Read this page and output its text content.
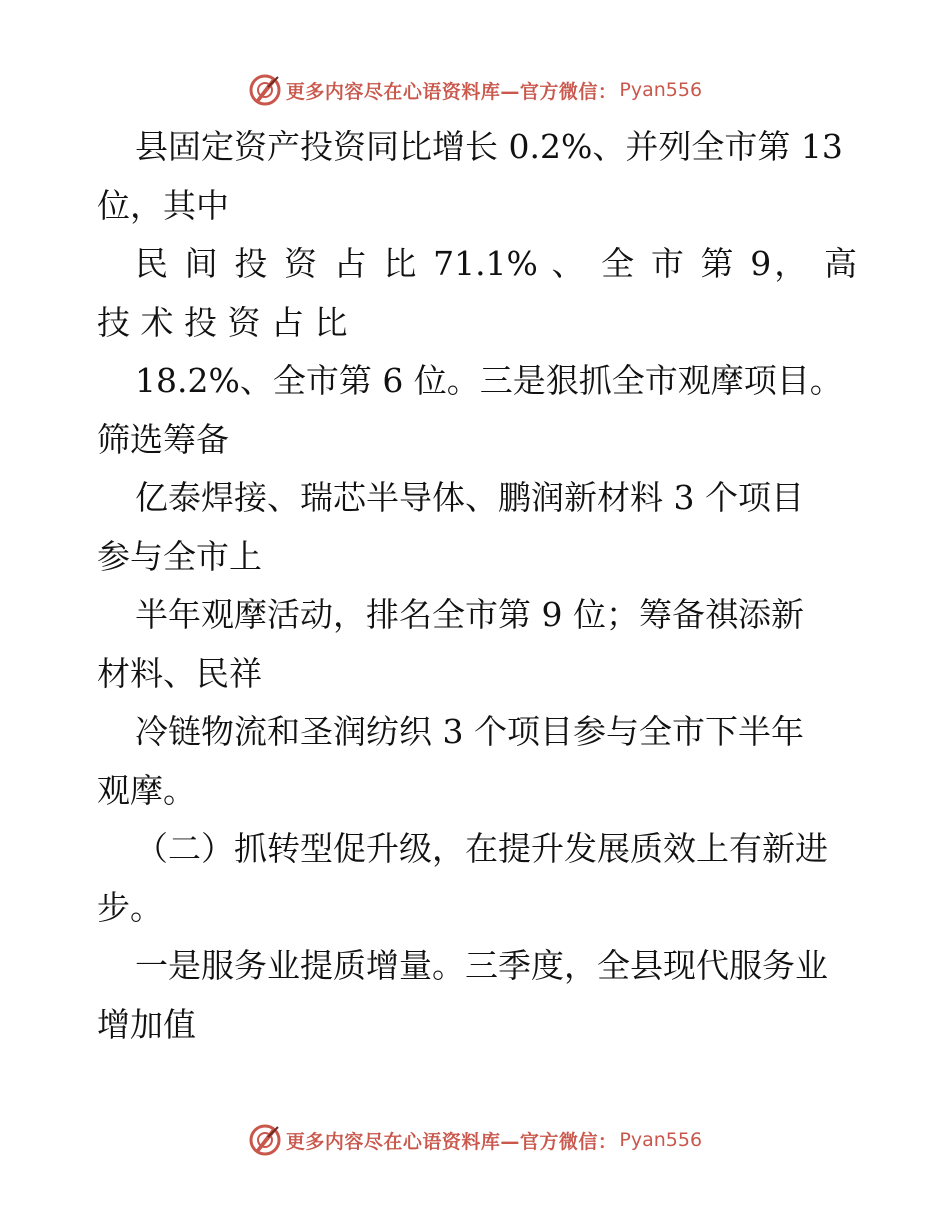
更多内容尽在心语资料库—官方微信： Pyan556
县固定资产投资同比增长 0.2%、并列全市第 13
位，其中
民 间 投 资 占 比 71.1% 、 全 市 第 9， 高
技 术 投 资 占 比
18.2%、全市第 6 位。三是狠抓全市观摩项目。
筛选筹备
亿泰焊接、瑞芯半导体、鹏润新材料 3 个项目
参与全市上
半年观摩活动，排名全市第 9 位；筹备祺添新
材料、民祥
冷链物流和圣润纺织 3 个项目参与全市下半年
观摩。
（二）抓转型促升级，在提升发展质效上有新进
步。
一是服务业提质增量。三季度，全县现代服务业
增加值
更多内容尽在心语资料库—官方微信： Pyan556
